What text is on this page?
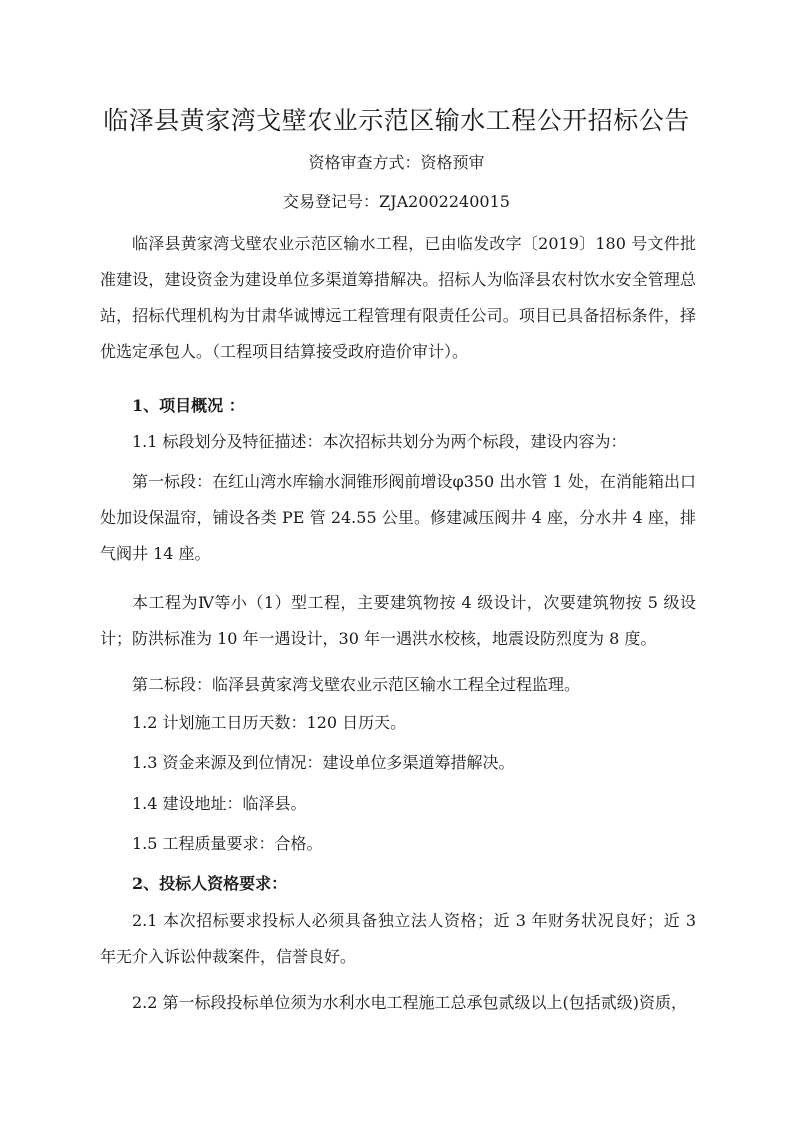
临泽县黄家湾戈壁农业示范区输水工程公开招标公告
资格审查方式：资格预审
交易登记号：ZJA2002240015
临泽县黄家湾戈壁农业示范区输水工程，已由临发改字〔2019〕180 号文件批准建设，建设资金为建设单位多渠道筹措解决。招标人为临泽县农村饮水安全管理总站，招标代理机构为甘肃华诚博远工程管理有限责任公司。项目已具备招标条件，择优选定承包人。（工程项目结算接受政府造价审计）。
1、项目概况 ：
1.1 标段划分及特征描述：本次招标共划分为两个标段，建设内容为：
第一标段：在红山湾水库输水洞锥形阀前增设φ350 出水管 1 处，在消能箱出口处加设保温帘，铺设各类 PE 管 24.55 公里。修建减压阀井 4 座，分水井 4 座，排气阀井 14 座。
本工程为Ⅳ等小（1）型工程，主要建筑物按 4 级设计，次要建筑物按 5 级设计；防洪标准为 10 年一遇设计，30 年一遇洪水校核，地震设防烈度为 8 度。
第二标段：临泽县黄家湾戈壁农业示范区输水工程全过程监理。
1.2 计划施工日历天数：120 日历天。
1.3 资金来源及到位情况：建设单位多渠道筹措解决。
1.4 建设地址：临泽县。
1.5 工程质量要求：合格。
2、投标人资格要求：
2.1 本次招标要求投标人必须具备独立法人资格；近 3 年财务状况良好；近 3 年无介入诉讼仲裁案件，信誉良好。
2.2 第一标段投标单位须为水利水电工程施工总承包贰级以上(包括贰级)资质，
